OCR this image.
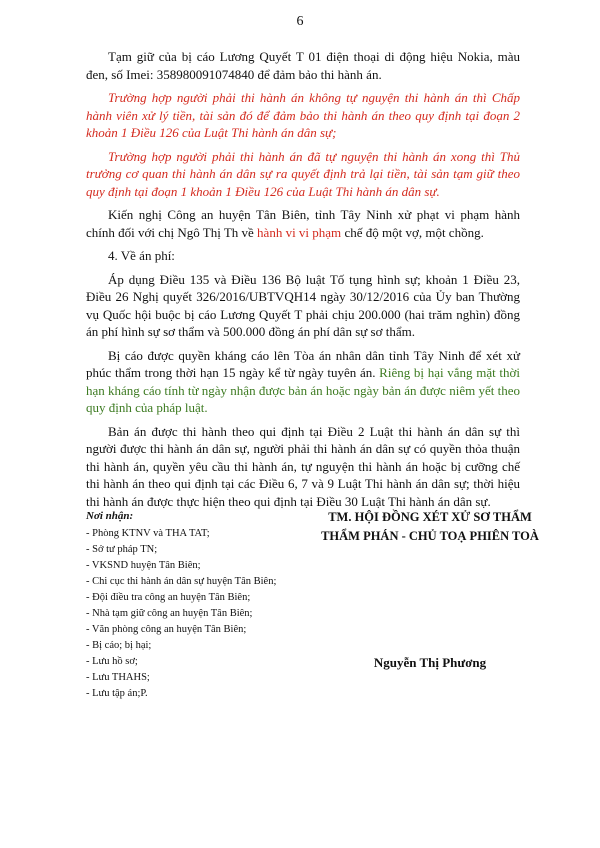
6

Tạm giữ của bị cáo Lương Quyết T 01 điện thoại di động hiệu Nokia, màu đen, số Imei: 358980091074840 để đảm bảo thi hành án.

Trường hợp người phải thi hành án không tự nguyện thi hành án thì Chấp hành viên xử lý tiền, tài sản đó để đảm bảo thi hành án theo quy định tại đoạn 2 khoản 1 Điều 126 của Luật Thi hành án dân sự;

Trường hợp người phải thi hành án đã tự nguyện thi hành án xong thì Thủ trưởng cơ quan thi hành án dân sự ra quyết định trả lại tiền, tài sản tạm giữ theo quy định tại đoạn 1 khoản 1 Điều 126 của Luật Thi hành án dân sự.

Kiến nghị Công an huyện Tân Biên, tỉnh Tây Ninh xử phạt vi phạm hành chính đối với chị Ngô Thị Th về hành vi vi phạm chế độ một vợ, một chồng.

4. Về án phí:

Áp dụng Điều 135 và Điều 136 Bộ luật Tố tụng hình sự; khoản 1 Điều 23, Điều 26 Nghị quyết 326/2016/UBTVQH14 ngày 30/12/2016 của Ủy ban Thường vụ Quốc hội buộc bị cáo Lương Quyết T phải chịu 200.000 (hai trăm nghìn) đồng án phí hình sự sơ thẩm và 500.000 đồng án phí dân sự sơ thẩm.

Bị cáo được quyền kháng cáo lên Tòa án nhân dân tỉnh Tây Ninh để xét xử phúc thẩm trong thời hạn 15 ngày kể từ ngày tuyên án. Riêng bị hại vắng mặt thời hạn kháng cáo tính từ ngày nhận được bản án hoặc ngày bản án được niêm yết theo quy định của pháp luật.

Bản án được thi hành theo qui định tại Điều 2 Luật thi hành án dân sự thì người được thi hành án dân sự, người phải thi hành án dân sự có quyền thỏa thuận thi hành án, quyền yêu cầu thi hành án, tự nguyện thi hành án hoặc bị cưỡng chế thi hành án theo qui định tại các Điều 6, 7 và 9 Luật Thi hành án dân sự; thời hiệu thi hành án được thực hiện theo qui định tại Điều 30 Luật Thi hành án dân sự.

Nơi nhận:
- Phòng KTNV và THA TAT;
- Sở tư pháp TN;
- VKSND huyện Tân Biên;
- Chi cục thi hành án dân sự huyện Tân Biên;
- Đội điều tra công an huyện Tân Biên;
- Nhà tạm giữ công an huyện Tân Biên;
- Văn phòng công an huyện Tân Biên;
- Bị cáo; bị hại;
- Lưu hồ sơ;
- Lưu THAHS;
- Lưu tập án;P.
TM. HỘI ĐỒNG XÉT XỬ SƠ THẨM
THẨM PHÁN - CHỦ TOẠ PHIÊN TOÀ
Nguyễn Thị Phương
